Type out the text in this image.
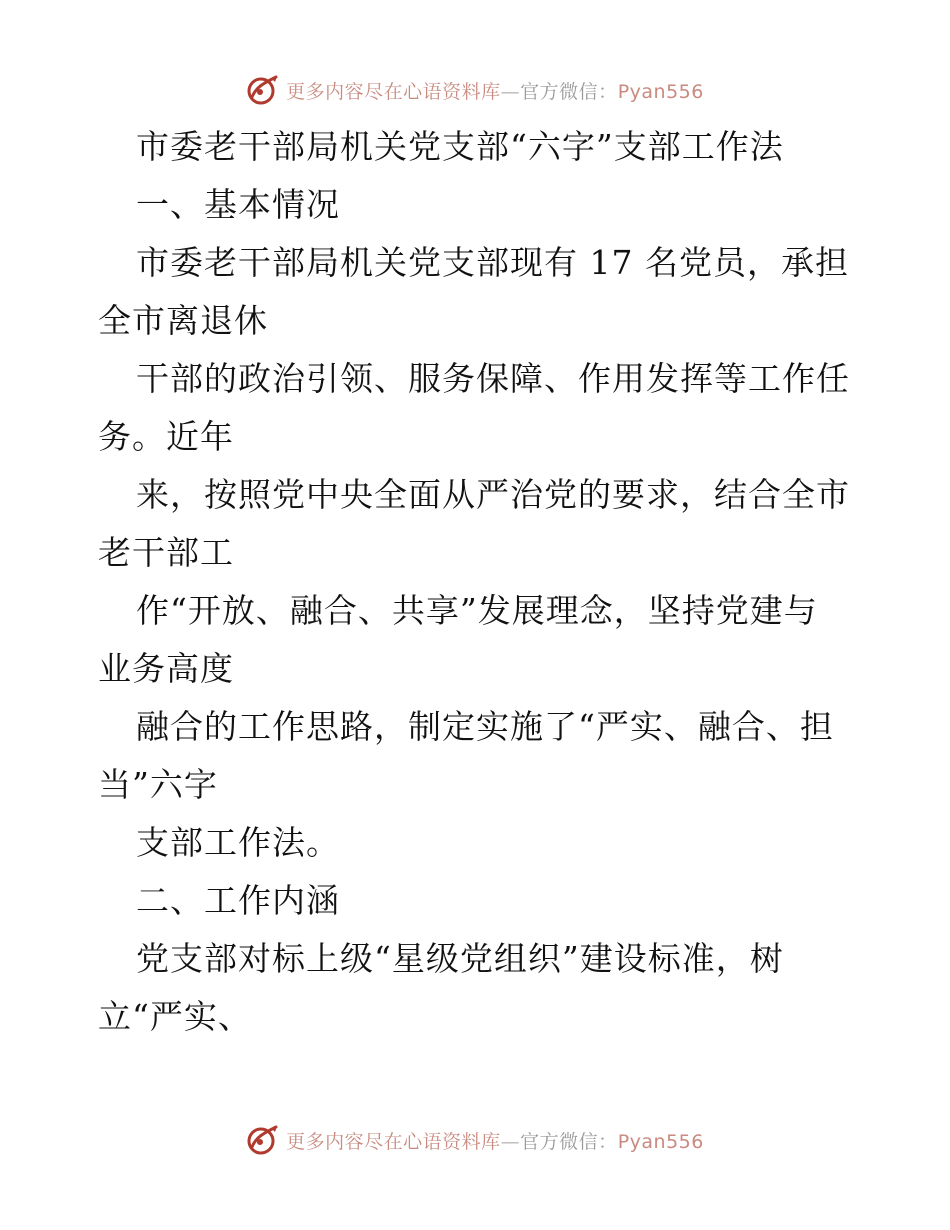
更多内容尽在心语资料库—官方微信：Pyan556
市委老干部局机关党支部“六字”支部工作法
一、基本情况
市委老干部局机关党支部现有 17 名党员，承担
全市离退休
干部的政治引领、服务保障、作用发挥等工作任
务。近年
来，按照党中央全面从严治党的要求，结合全市
老干部工
作“开放、融合、共享”发展理念，坚持党建与
业务高度
融合的工作思路，制定实施了“严实、融合、担
当”六字
支部工作法。
二、工作内涵
党支部对标上级“星级党组织”建设标准，树
立“严实、
更多内容尽在心语资料库—官方微信：Pyan556
